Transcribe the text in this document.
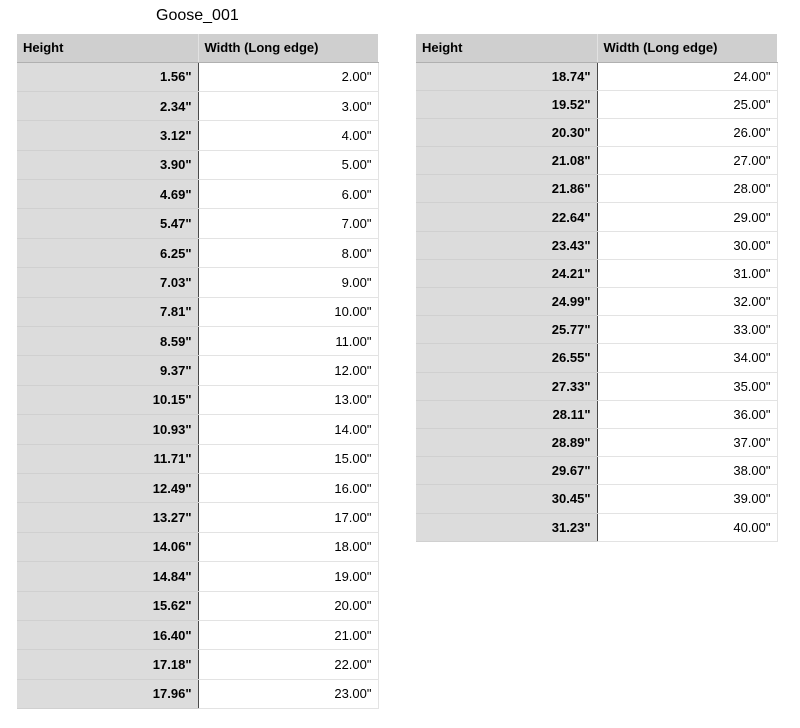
Goose_001
Height	Width (Long edge)
1.56"	2.00"
2.34"	3.00"
3.12"	4.00"
3.90"	5.00"
4.69"	6.00"
5.47"	7.00"
6.25"	8.00"
7.03"	9.00"
7.81"	10.00"
8.59"	11.00"
9.37"	12.00"
10.15"	13.00"
10.93"	14.00"
11.71"	15.00"
12.49"	16.00"
13.27"	17.00"
14.06"	18.00"
14.84"	19.00"
15.62"	20.00"
16.40"	21.00"
17.18"	22.00"
17.96"	23.00"
Height	Width (Long edge)
18.74"	24.00"
19.52"	25.00"
20.30"	26.00"
21.08"	27.00"
21.86"	28.00"
22.64"	29.00"
23.43"	30.00"
24.21"	31.00"
24.99"	32.00"
25.77"	33.00"
26.55"	34.00"
27.33"	35.00"
28.11"	36.00"
28.89"	37.00"
29.67"	38.00"
30.45"	39.00"
31.23"	40.00"
